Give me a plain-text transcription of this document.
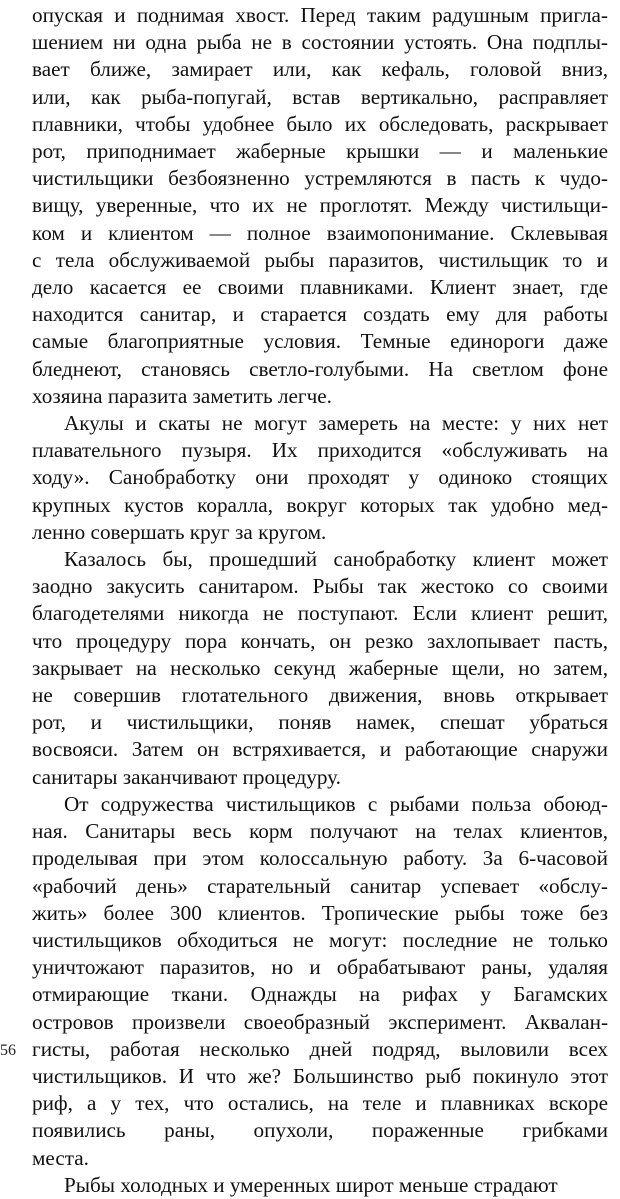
опуская и поднимая хвост. Перед таким радушным пригла-
шением ни одна рыба не в состоянии устоять. Она подплы-
вает ближе, замирает или, как кефаль, головой вниз,
или, как рыба-попугай, встав вертикально, расправляет
плавники, чтобы удобнее было их обследовать, раскрывает
рот, приподнимает жаберные крышки — и маленькие
чистильщики безбоязненно устремляются в пасть к чудо-
вищу, уверенные, что их не проглотят. Между чистильщи-
ком и клиентом — полное взаимопонимание. Склевывая
с тела обслуживаемой рыбы паразитов, чистильщик то и
дело касается ее своими плавниками. Клиент знает, где
находится санитар, и старается создать ему для работы
самые благоприятные условия. Темные единороги даже
бледнеют, становясь светло-голубыми. На светлом фоне
хозяина паразита заметить легче.
Акулы и скаты не могут замереть на месте: у них нет
плавательного пузыря. Их приходится «обслуживать на
ходу». Санобработку они проходят у одиноко стоящих
крупных кустов коралла, вокруг которых так удобно мед-
ленно совершать круг за кругом.
Казалось бы, прошедший санобработку клиент может
заодно закусить санитаром. Рыбы так жестоко со своими
благодетелями никогда не поступают. Если клиент решит,
что процедуру пора кончать, он резко захлопывает пасть,
закрывает на несколько секунд жаберные щели, но затем,
не совершив глотательного движения, вновь открывает
рот, и чистильщики, поняв намек, спешат убраться
восвояси. Затем он встряхивается, и работающие снаружи
санитары заканчивают процедуру.
От содружества чистильщиков с рыбами польза обоюд-
ная. Санитары весь корм получают на телах клиентов,
проделывая при этом колоссальную работу. За 6-часовой
«рабочий день» старательный санитар успевает «обслу-
жить» более 300 клиентов. Тропические рыбы тоже без
чистильщиков обходиться не могут: последние не только
уничтожают паразитов, но и обрабатывают раны, удаляя
отмирающие ткани. Однажды на рифах у Багамских
островов произвели своеобразный эксперимент. Аквалан-
гисты, работая несколько дней подряд, выловили всех
чистильщиков. И что же? Большинство рыб покинуло этот
риф, а у тех, что остались, на теле и плавниках вскоре
появились раны, опухоли, пораженные грибками
места.
Рыбы холодных и умеренных широт меньше страдают
56
